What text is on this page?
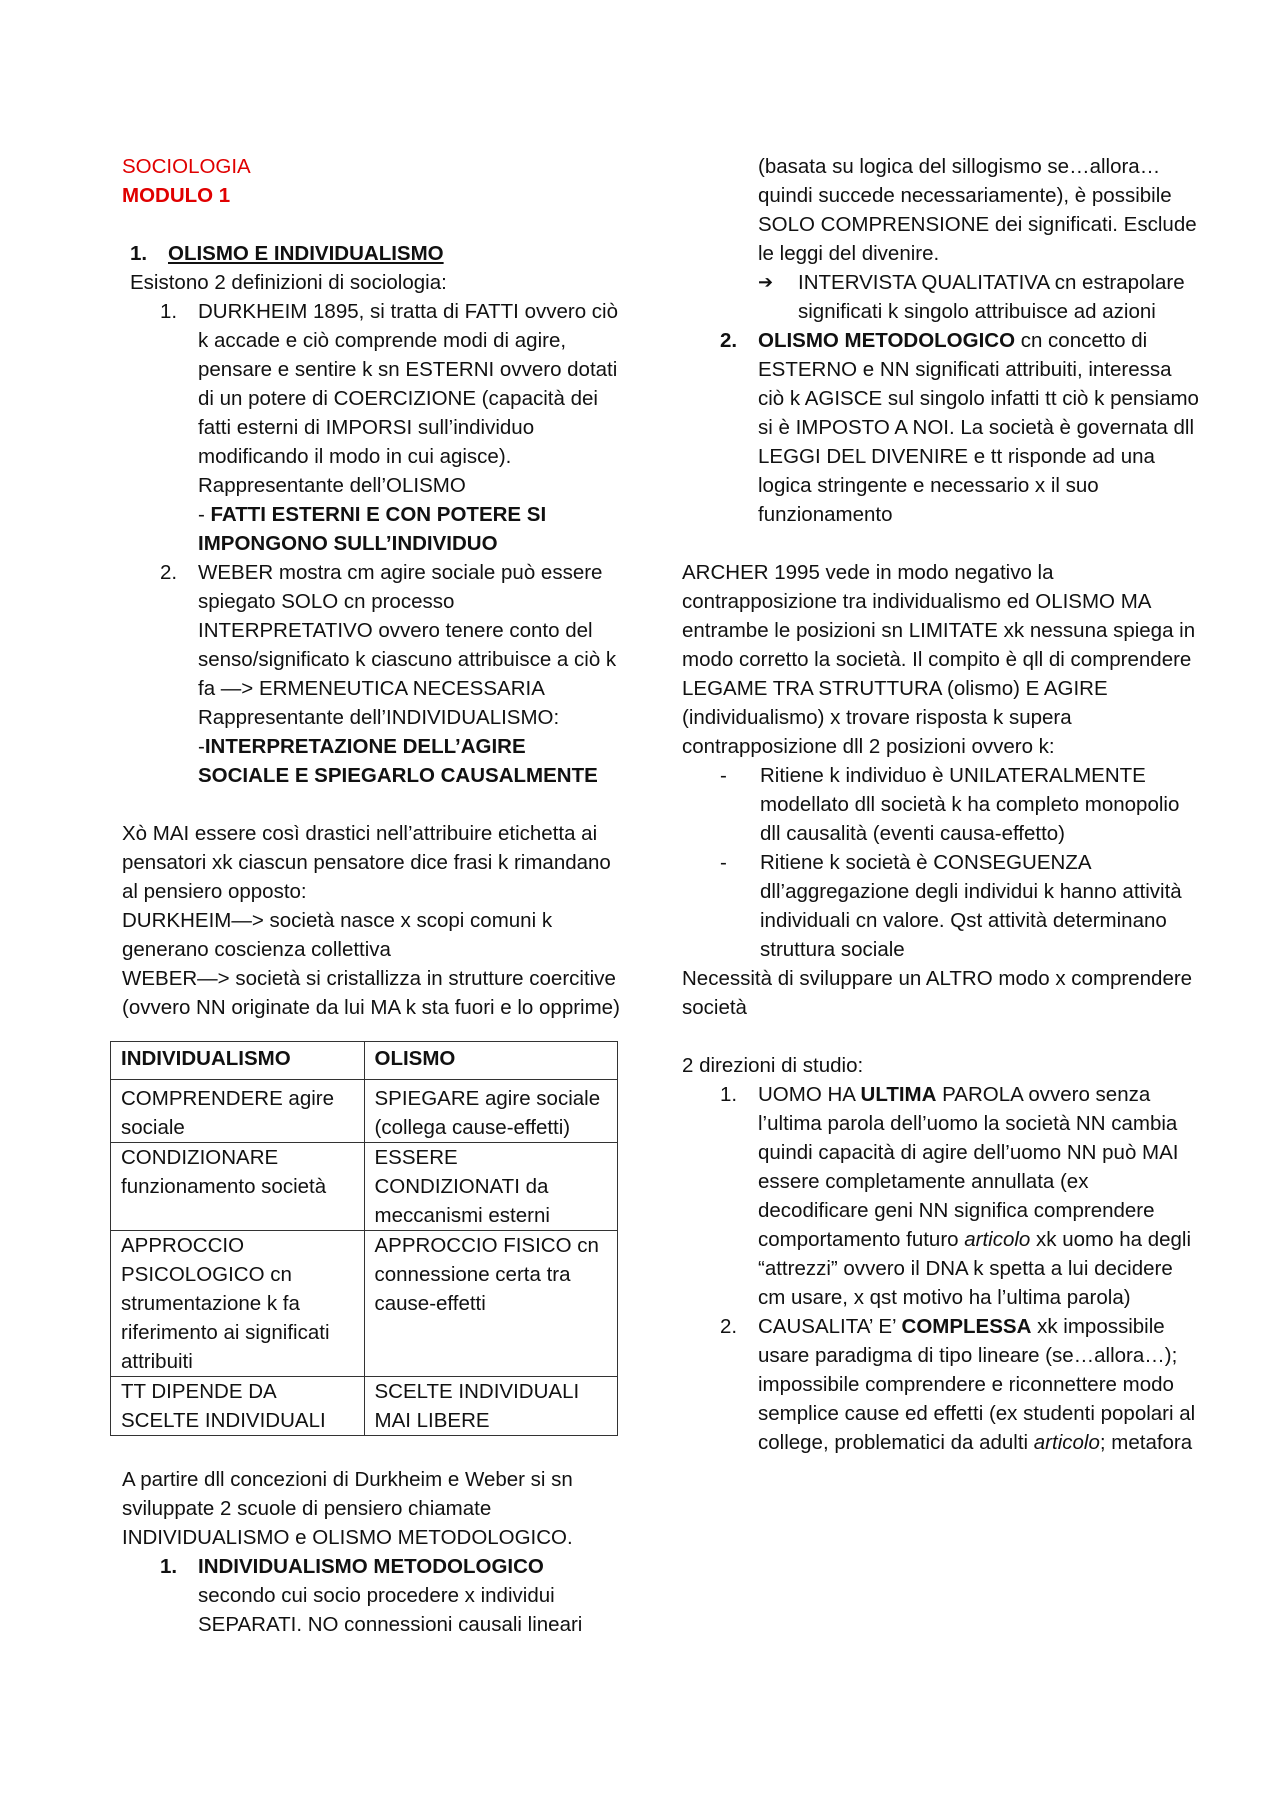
SOCIOLOGIA

MODULO 1

1.	OLISMO E INDIVIDUALISMO

Esistono 2 definizioni di sociologia:

1.	DURKHEIM 1895, si tratta di FATTI ovvero ciò k accade e ciò comprende modi di agire, pensare e sentire k sn ESTERNI ovvero dotati di un potere di COERCIZIONE (capacità dei fatti esterni di IMPORSI sull’individuo modificando il modo in cui agisce).

Rappresentante dell’OLISMO

- FATTI ESTERNI E CON POTERE SI IMPONGONO SULL’INDIVIDUO

2.	WEBER mostra cm agire sociale può essere spiegato SOLO cn processo INTERPRETATIVO ovvero tenere conto del senso/significato k ciascuno attribuisce a ciò k fa —> ERMENEUTICA NECESSARIA

Rappresentante dell’INDIVIDUALISMO:

-INTERPRETAZIONE DELL’AGIRE SOCIALE E SPIEGARLO CAUSALMENTE

Xò MAI essere così drastici nell’attribuire etichetta ai pensatori xk ciascun pensatore dice frasi k rimandano al pensiero opposto:

DURKHEIM—> società nasce x scopi comuni k generano coscienza collettiva

WEBER—> società si cristallizza in strutture coercitive (ovvero NN originate da lui MA k sta fuori e lo opprime)

INDIVIDUALISMO	OLISMO
COMPRENDERE agire sociale	SPIEGARE agire sociale (collega cause-effetti)
CONDIZIONARE funzionamento società	ESSERE CONDIZIONATI da meccanismi esterni
APPROCCIO PSICOLOGICO cn strumentazione k fa riferimento ai significati attribuiti	APPROCCIO FISICO cn connessione certa tra cause-effetti
TT DIPENDE DA SCELTE INDIVIDUALI	SCELTE INDIVIDUALI MAI LIBERE

A partire dll concezioni di Durkheim e Weber si sn sviluppate 2 scuole di pensiero chiamate INDIVIDUALISMO e OLISMO METODOLOGICO.

1.	INDIVIDUALISMO METODOLOGICO

secondo cui socio procedere x individui SEPARATI. NO connessioni causali lineari

(basata su logica del sillogismo se…allora… quindi succede necessariamente), è possibile SOLO COMPRENSIONE dei significati. Esclude le leggi del divenire.

➔	INTERVISTA QUALITATIVA cn estrapolare significati k singolo attribuisce ad azioni

2.	OLISMO METODOLOGICO cn concetto di ESTERNO e NN significati attribuiti, interessa ciò k AGISCE sul singolo infatti tt ciò k pensiamo si è IMPOSTO A NOI. La società è governata dll LEGGI DEL DIVENIRE e tt risponde ad una logica stringente e necessario x il suo funzionamento

ARCHER 1995 vede in modo negativo la contrapposizione tra individualismo ed OLISMO MA entrambe le posizioni sn LIMITATE xk nessuna spiega in modo corretto la società. Il compito è qll di comprendere LEGAME TRA STRUTTURA (olismo) E AGIRE (individualismo) x trovare risposta k supera contrapposizione dll 2 posizioni ovvero k:

-	Ritiene k individuo è UNILATERALMENTE modellato dll società k ha completo monopolio dll causalità (eventi causa-effetto)

-	Ritiene k società è CONSEGUENZA dll’aggregazione degli individui k hanno attività individuali cn valore. Qst attività determinano struttura sociale

Necessità di sviluppare un ALTRO modo x comprendere società

2 direzioni di studio:

1.	UOMO HA ULTIMA PAROLA ovvero senza l’ultima parola dell’uomo la società NN cambia quindi capacità di agire dell’uomo NN può MAI essere completamente annullata (ex decodificare geni NN significa comprendere comportamento futuro articolo xk uomo ha degli “attrezzi” ovvero il DNA k spetta a lui decidere cm usare, x qst motivo ha l’ultima parola)

2.	CAUSALITA’ E’ COMPLESSA xk impossibile usare paradigma di tipo lineare (se…allora…); impossibile comprendere e riconnettere modo semplice cause ed effetti (ex studenti popolari al college, problematici da adulti articolo; metafora
